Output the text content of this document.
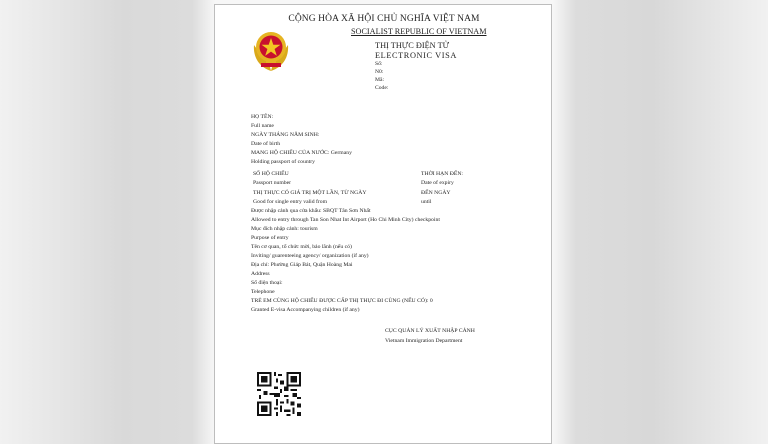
CỘNG HÒA XÃ HỘI CHỦ NGHĨA VIỆT NAM
SOCIALIST REPUBLIC OF VIETNAM
THỊ THỰC ĐIỆN TỬ
ELECTRONIC VISA
Số:
N0:
Mã:
Code:
HỌ TÊN:
Full name
NGÀY THÁNG NĂM SINH:
Date of birth
MANG HỘ CHIẾU CỦA NƯỚC: Germany
Holding passport of country
SỐ HỘ CHIẾU
Passport number
THỜI HẠN ĐẾN:
Date of expiry
THỊ THỰC CÓ GIÁ TRỊ MỘT LẦN, TỪ NGÀY
Good for single entry valid from
ĐẾN NGÀY
until
Được nhập cảnh qua cửa khẩu: SBQT Tân Sơn Nhất
Allowed to entry through Tan Son Nhat Int Airport (Ho Chi Minh City) checkpoint
Mục đích nhập cảnh: tourism
Purpose of entry
Tên cơ quan, tổ chức mời, bảo lãnh (nếu có)
Inviting/ guarenteeing agency/ organization (if any)
Địa chỉ: Phường Giáp Bát, Quận Hoàng Mai
Address
Số điện thoại:
Telephone
TRẺ EM CÙNG HỘ CHIẾU ĐƯỢC CẤP THỊ THỰC ĐI CÙNG (NẾU CÓ): 0
Granted E-visa Accompanying children (if any)
CỤC QUẢN LÝ XUẤT NHẬP CẢNH
Vietnam Immigration Department
